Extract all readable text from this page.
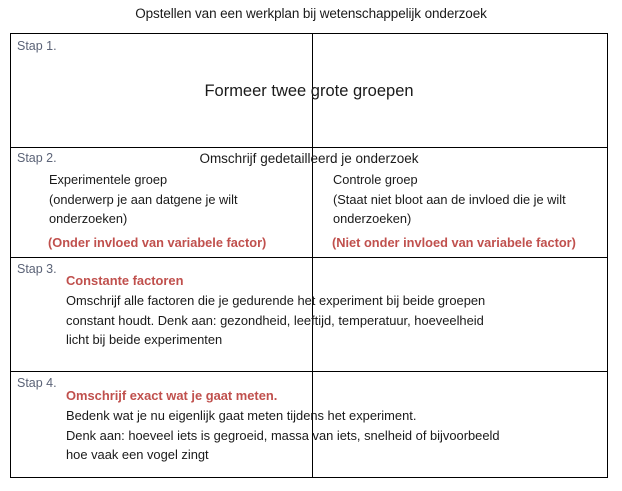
Opstellen van een werkplan bij wetenschappelijk onderzoek
Stap 1.
Formeer twee grote groepen
Stap 2.	Omschrijf gedetailleerd je onderzoek
Experimentele groep
(onderwerp je aan datgene je wilt
onderzoeken)
(Onder invloed van variabele factor)
Controle groep
(Staat niet bloot aan de invloed die je wilt
onderzoeken)
(Niet onder invloed van variabele factor)
Stap 3.
Constante factoren
Omschrijf alle factoren die je gedurende het experiment bij beide groepen
constant houdt. Denk aan: gezondheid, leeftijd, temperatuur, hoeveelheid
licht bij beide experimenten
Stap 4.
Omschrijf exact wat je gaat meten.
Bedenk wat je nu eigenlijk gaat meten tijdens het experiment.
Denk aan: hoeveel iets is gegroeid, massa van iets, snelheid of bijvoorbeeld
hoe vaak een vogel zingt
